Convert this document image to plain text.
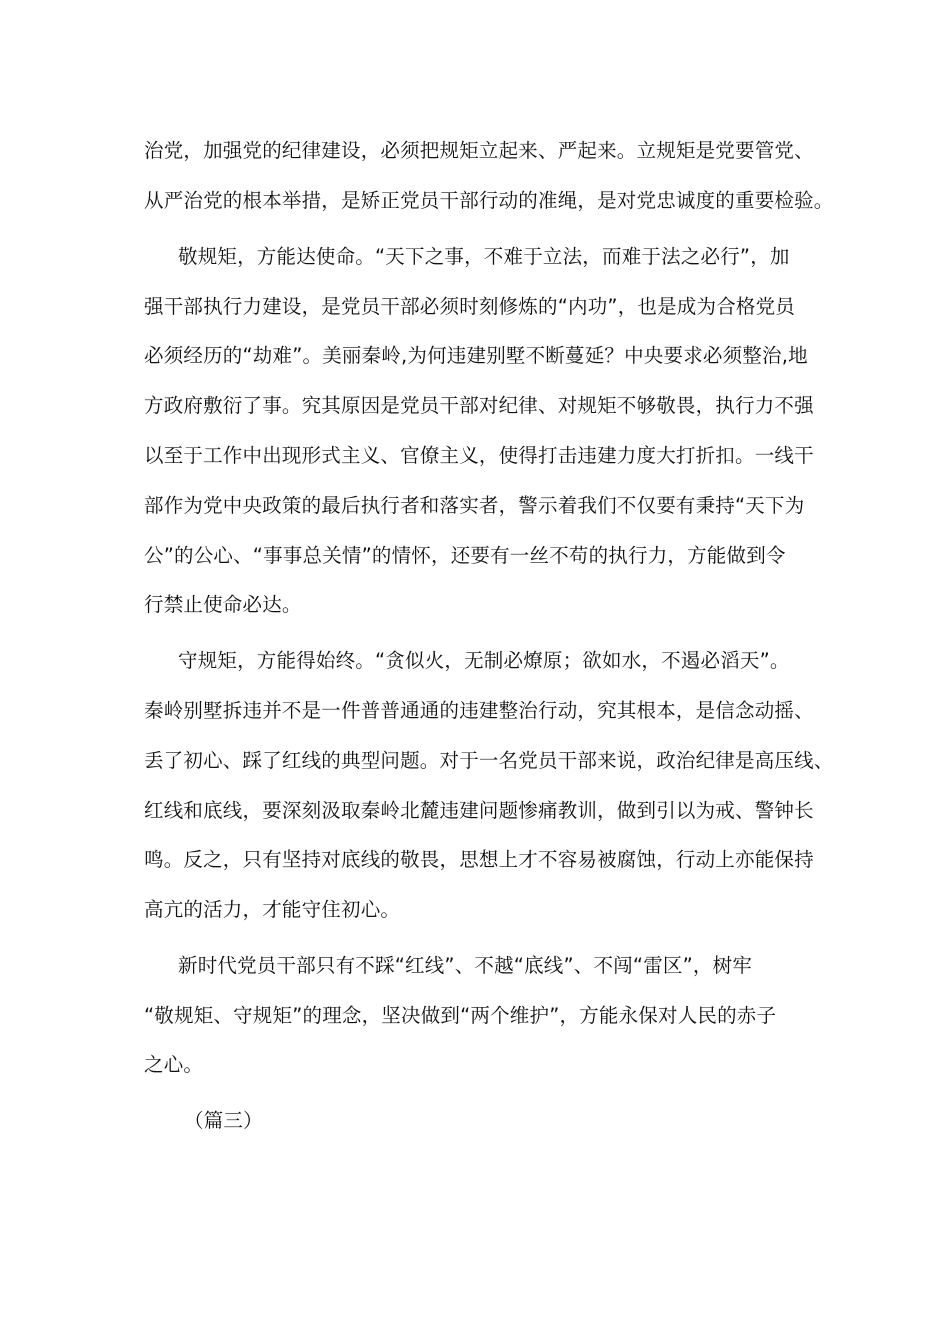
治党，加强党的纪律建设，必须把规矩立起来、严起来。立规矩是党要管党、
从严治党的根本举措，是矫正党员干部行动的准绳，是对党忠诚度的重要检验。
敬规矩，方能达使命。“天下之事，不难于立法，而难于法之必行”，加
强干部执行力建设，是党员干部必须时刻修炼的“内功”，也是成为合格党员
必须经历的“劫难”。美丽秦岭,为何违建别墅不断蔓延？中央要求必须整治,地
方政府敷衍了事。究其原因是党员干部对纪律、对规矩不够敬畏，执行力不强
以至于工作中出现形式主义、官僚主义，使得打击违建力度大打折扣。一线干
部作为党中央政策的最后执行者和落实者，警示着我们不仅要有秉持“天下为
公”的公心、“事事总关情”的情怀，还要有一丝不苟的执行力，方能做到令
行禁止使命必达。
守规矩，方能得始终。“贪似火，无制必燎原；欲如水，不遏必滔天”。
秦岭别墅拆违并不是一件普普通通的违建整治行动，究其根本，是信念动摇、
丢了初心、踩了红线的典型问题。对于一名党员干部来说，政治纪律是高压线、
红线和底线，要深刻汲取秦岭北麓违建问题惨痛教训，做到引以为戒、警钟长
鸣。反之，只有坚持对底线的敬畏，思想上才不容易被腐蚀，行动上亦能保持
高亢的活力，才能守住初心。
新时代党员干部只有不踩“红线”、不越“底线”、不闯“雷区”，树牢
“敬规矩、守规矩”的理念，坚决做到“两个维护”，方能永保对人民的赤子
之心。
（篇三）
